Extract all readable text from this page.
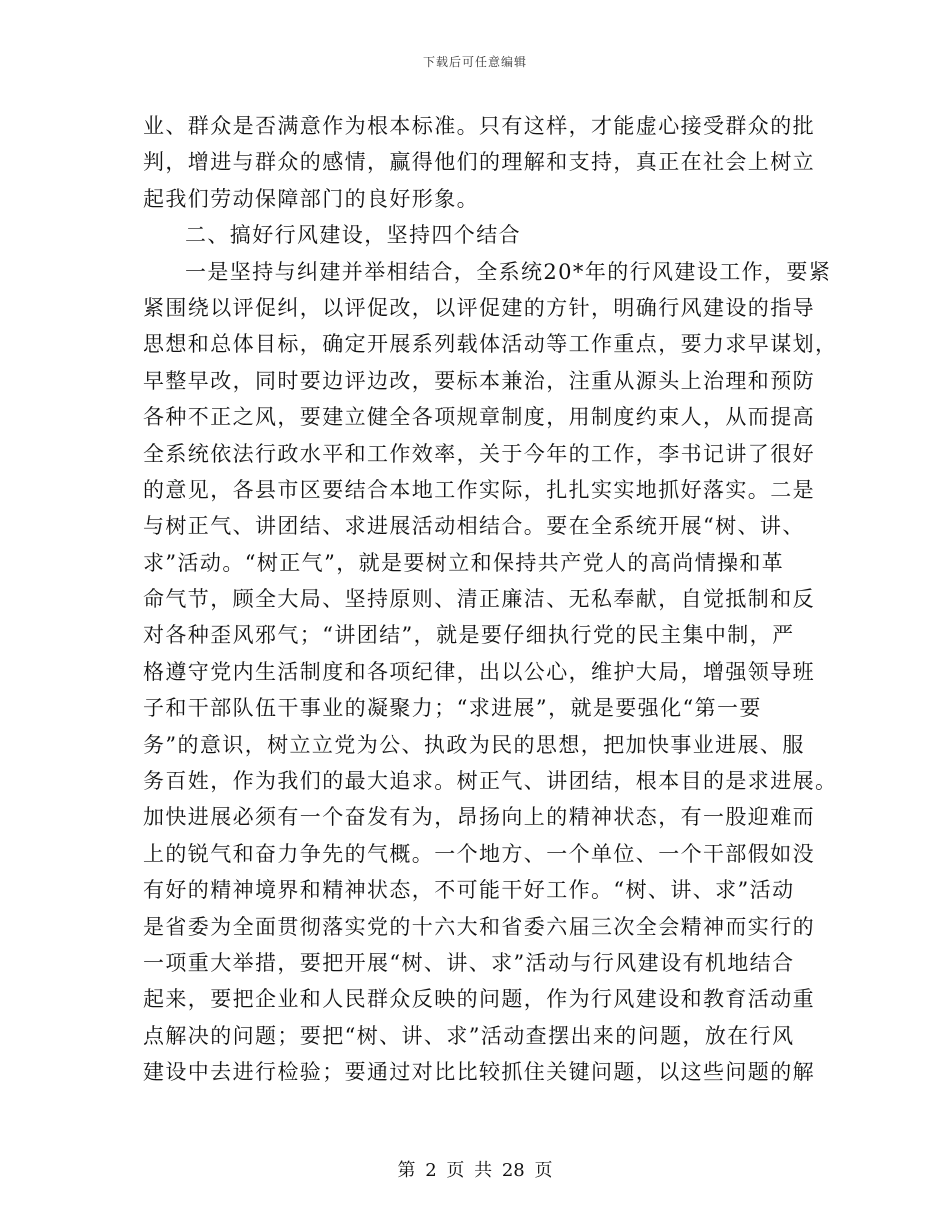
下载后可任意编辑
业、群众是否满意作为根本标准。只有这样，才能虚心接受群众的批
判，增进与群众的感情，赢得他们的理解和支持，真正在社会上树立
起我们劳动保障部门的良好形象。
二、搞好行风建设，坚持四个结合
一是坚持与纠建并举相结合，全系统20*年的行风建设工作，要紧
紧围绕以评促纠，以评促改，以评促建的方针，明确行风建设的指导
思想和总体目标，确定开展系列载体活动等工作重点，要力求早谋划，
早整早改，同时要边评边改，要标本兼治，注重从源头上治理和预防
各种不正之风，要建立健全各项规章制度，用制度约束人，从而提高
全系统依法行政水平和工作效率，关于今年的工作，李书记讲了很好
的意见，各县市区要结合本地工作实际，扎扎实实地抓好落实。二是
与树正气、讲团结、求进展活动相结合。要在全系统开展“树、讲、
求”活动。“树正气”，就是要树立和保持共产党人的高尚情操和革
命气节，顾全大局、坚持原则、清正廉洁、无私奉献，自觉抵制和反
对各种歪风邪气；“讲团结”，就是要仔细执行党的民主集中制，严
格遵守党内生活制度和各项纪律，出以公心，维护大局，增强领导班
子和干部队伍干事业的凝聚力；“求进展”，就是要强化“第一要
务”的意识，树立立党为公、执政为民的思想，把加快事业进展、服
务百姓，作为我们的最大追求。树正气、讲团结，根本目的是求进展。
加快进展必须有一个奋发有为，昂扬向上的精神状态，有一股迎难而
上的锐气和奋力争先的气概。一个地方、一个单位、一个干部假如没
有好的精神境界和精神状态，不可能干好工作。“树、讲、求”活动
是省委为全面贯彻落实党的十六大和省委六届三次全会精神而实行的
一项重大举措，要把开展“树、讲、求”活动与行风建设有机地结合
起来，要把企业和人民群众反映的问题，作为行风建设和教育活动重
点解决的问题；要把“树、讲、求”活动查摆出来的问题，放在行风
建设中去进行检验；要通过对比比较抓住关键问题，以这些问题的解
第 2 页 共 28 页
